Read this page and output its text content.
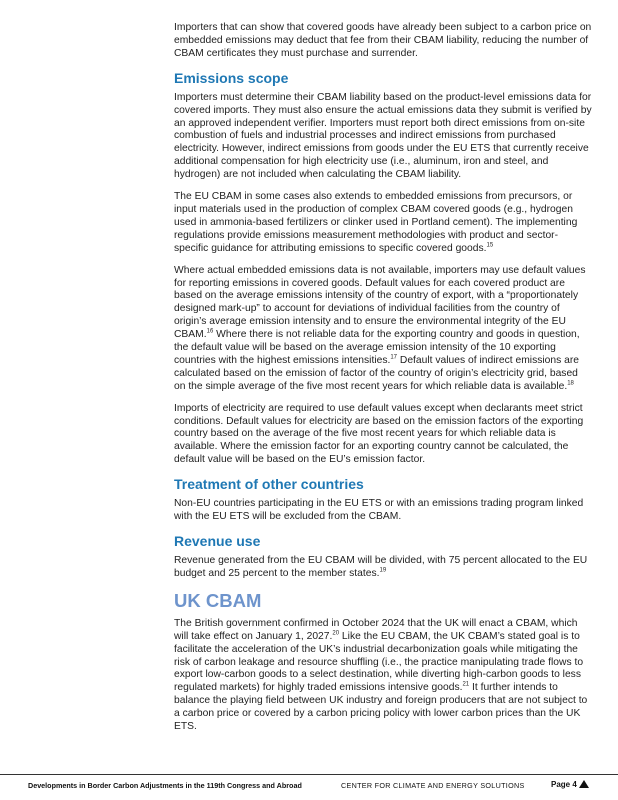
Importers that can show that covered goods have already been subject to a carbon price on embedded emissions may deduct that fee from their CBAM liability, reducing the number of CBAM certificates they must purchase and surrender.

Emissions scope

Importers must determine their CBAM liability based on the product-level emissions data for covered imports. They must also ensure the actual emissions data they submit is verified by an approved independent verifier. Importers must report both direct emissions from on-site combustion of fuels and industrial processes and indirect emissions from purchased electricity. However, indirect emissions from goods under the EU ETS that currently receive additional compensation for high electricity use (i.e., aluminum, iron and steel, and hydrogen) are not included when calculating the CBAM liability.

The EU CBAM in some cases also extends to embedded emissions from precursors, or input materials used in the production of complex CBAM covered goods (e.g., hydrogen used in ammonia-based fertilizers or clinker used in Portland cement). The implementing regulations provide emissions measurement methodologies with product and sector-specific guidance for attributing emissions to specific covered goods.$^{15}$

Where actual embedded emissions data is not available, importers may use default values for reporting emissions in covered goods. Default values for each covered product are based on the average emissions intensity of the country of export, with a “proportionately designed mark-up” to account for deviations of individual facilities from the country of origin’s average emission intensity and to ensure the environmental integrity of the EU CBAM.$^{16}$ Where there is not reliable data for the exporting country and goods in question, the default value will be based on the average emission intensity of the 10 exporting countries with the highest emissions intensities.$^{17}$ Default values of indirect emissions are calculated based on the emission of factor of the country of origin’s electricity grid, based on the simple average of the five most recent years for which reliable data is available.$^{18}$

Imports of electricity are required to use default values except when declarants meet strict conditions. Default values for electricity are based on the emission factors of the exporting country based on the average of the five most recent years for which reliable data is available. Where the emission factor for an exporting country cannot be calculated, the default value will be based on the EU’s emission factor.

Treatment of other countries

Non-EU countries participating in the EU ETS or with an emissions trading program linked with the EU ETS will be excluded from the CBAM.

Revenue use

Revenue generated from the EU CBAM will be divided, with 75 percent allocated to the EU budget and 25 percent to the member states.$^{19}$

UK CBAM

The British government confirmed in October 2024 that the UK will enact a CBAM, which will take effect on January 1, 2027.20 Like the EU CBAM, the UK CBAM’s stated goal is to facilitate the acceleration of the UK’s industrial decarbonization goals while mitigating the risk of carbon leakage and resource shuffling (i.e., the practice manipulating trade flows to export low-carbon goods to a select destination, while diverting high-carbon goods to less regulated markets) for highly traded emissions intensive goods.$^{21}$ It further intends to balance the playing field between UK industry and foreign producers that are not subject to a carbon price or covered by a carbon pricing policy with lower carbon prices than the UK ETS.

Developments in Border Carbon Adjustments in the 119th Congress and Abroad	CENTER FOR CLIMATE AND ENERGY SOLUTIONS	Page 4
